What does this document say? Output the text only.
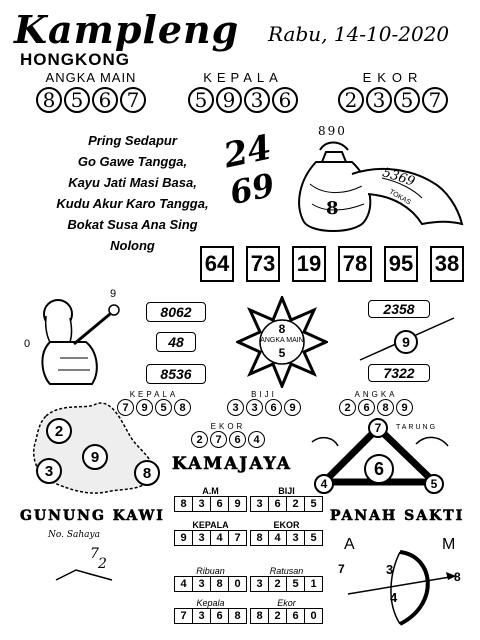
Kampleng
HONGKONG
Rabu, 14-10-2020
ANGKA MAIN
8 5 6 7
KEPALA
5 9 3 6
EKOR
2 3 5 7
Pring Sedapur
Go Gawe Tangga,
Kayu Jati Masi Basa,
Kudu Akur Karo Tangga,
Bokat Susa Ana Sing
Nolong
24
69
890
8
5369
TOKAS
64 73 19 78 95 38
9
0
8062
48
8536
8
ANGKA MAIN
5
2358
9
7322
KEPALA
7	9	5	8
BIJI
3	3	6	9
ANGKA
2	6	8	9
EKOR
2	7	6	4
2
3
9
8	KAMAJAYA
TARUNG
7
6
4	5
GUNUNG KAWI
No. Sahaya
7
2
A.M
8	3	6	9
BIJI
3	6	2	5
KEPALA
9	3	4	7
EKOR
8	4	3	5
Ribuan
4	3	8	0
Ratusan
3	2	5	1
Kepala
7	3	6	8
Ekor
8	2	6	0
PANAH SAKTI
A	M
7	3
4
8
